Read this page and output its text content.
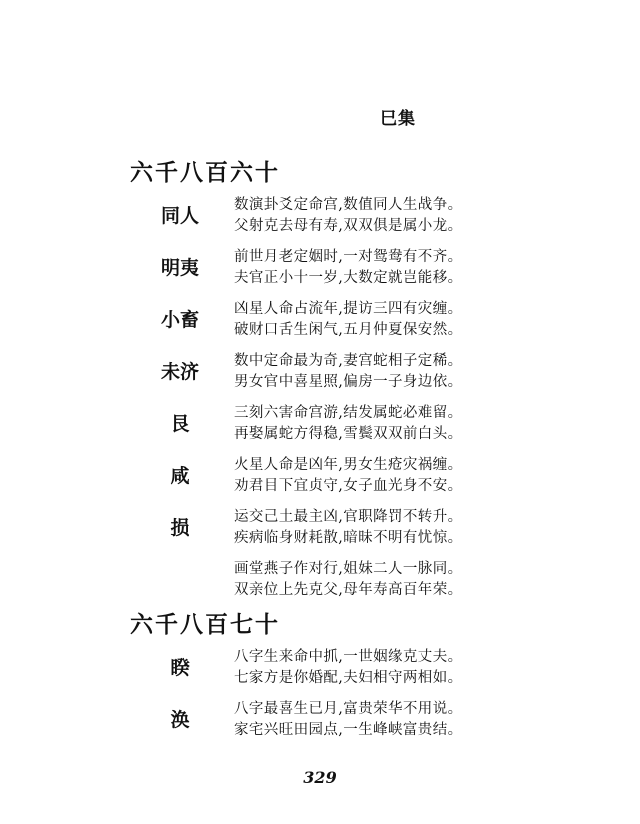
巳集
六千八百六十
同人 数演卦爻定命宫,数值同人生战争。
父射克去母有寿,双双俱是属小龙。
明夷 前世月老定姻时,一对鸳鸯有不齐。
夫官正小十一岁,大数定就岂能移。
小畜 凶星人命占流年,提访三四有灾缠。
破财口舌生闲气,五月仲夏保安然。
未济 数中定命最为奇,妻宫蛇相子定稀。
男女官中喜星照,偏房一子身边依。
艮	三刻六害命宫游,结发属蛇必难留。
再娶属蛇方得稳,雪鬓双双前白头。
咸	火星人命是凶年,男女生疮灾祸缠。
劝君目下宜贞守,女子血光身不安。
损	运交己土最主凶,官职降罚不转升。
疾病临身财耗散,暗昧不明有忧惊。
画堂燕子作对行,姐妹二人一脉同。
双亲位上先克父,母年寿高百年荣。
六千八百七十
睽	八字生来命中抓,一世姻缘克丈夫。
七家方是你婚配,夫妇相守两相如。
涣	八字最喜生已月,富贵荣华不用说。
家宅兴旺田园点,一生峰峡富贵结。
329
